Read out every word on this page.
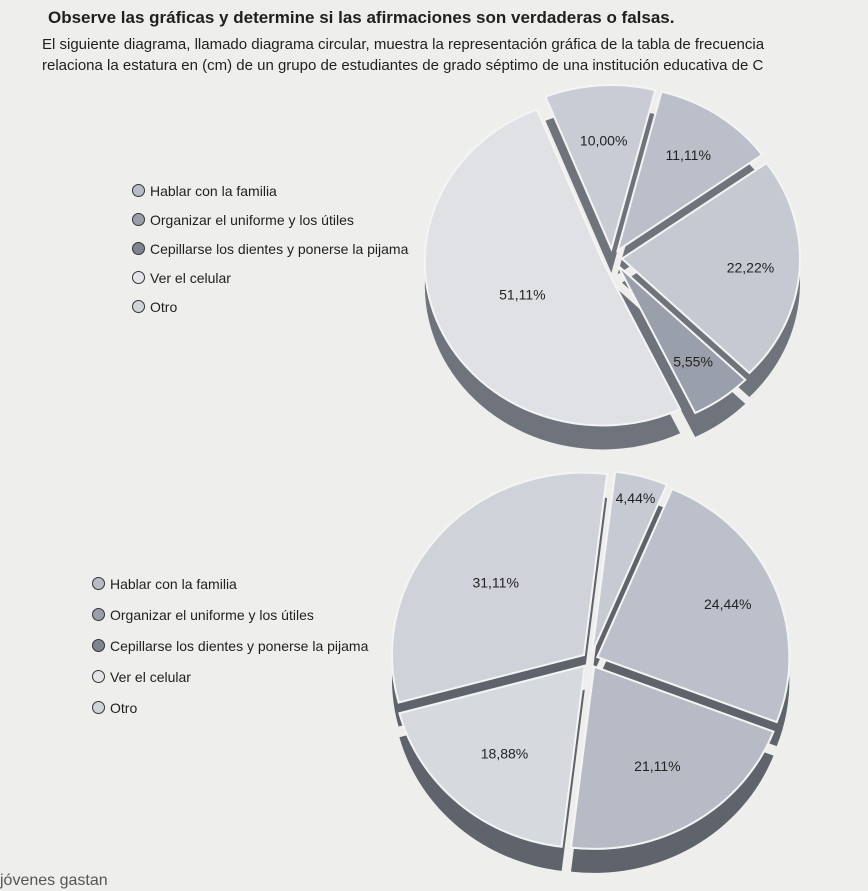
Observe las gráficas y determine si las afirmaciones son verdaderas o falsas.
El siguiente diagrama, llamado diagrama circular, muestra la representación gráfica de la tabla de frecuencia
relaciona la estatura en (cm) de un grupo de estudiantes de grado séptimo de una institución educativa de C
Hablar con la familia
Organizar el uniforme y los útiles
Cepillarse los dientes y ponerse la pijama
Ver el celular
Otro
Hablar con la familia
Organizar el uniforme y los útiles
Cepillarse los dientes y ponerse la pijama
Ver el celular
Otro
10,00%
11,11%
22,22%
5,55%
51,11%
4,44%
24,44%
21,11%
18,88%
31,11%
jóvenes gastan
